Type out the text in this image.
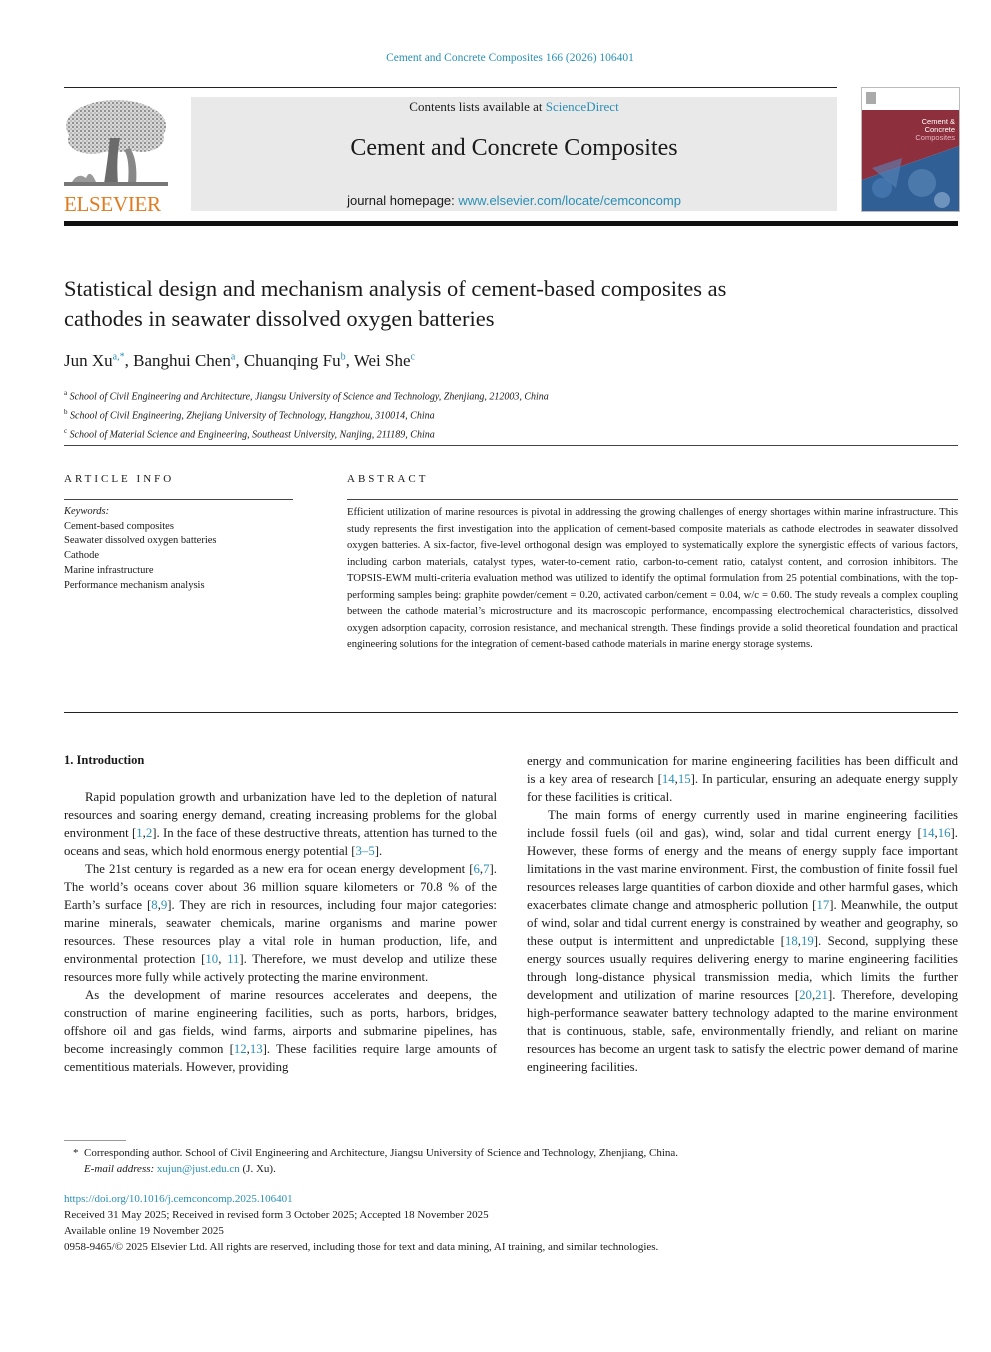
Cement and Concrete Composites 166 (2026) 106401
ELSEVIER
Contents lists available at ScienceDirect
Cement and Concrete Composites
journal homepage: www.elsevier.com/locate/cemconcomp
Cement &
Concrete
Composites
Statistical design and mechanism analysis of cement-based composites as
cathodes in seawater dissolved oxygen batteries
Jun $Xu^{a,*}$, Banghui Chen$^a$, Chuanqing Fu$^b$, Wei She$^c$
$^a$ School of Civil Engineering and Architecture, Jiangsu University of Science and Technology, Zhenjiang, 212003, China
$^b$ School of Civil Engineering, Zhejiang University of Technology, Hangzhou, 310014, China
$^c$ School of Material Science and Engineering, Southeast University, Nanjing, 211189, China
ARTICLE INFO	ABSTRACT
Keywords:
Cement-based composites
Seawater dissolved oxygen batteries
Cathode
Marine infrastructure
Performance mechanism analysis
Efficient utilization of marine resources is pivotal in addressing the growing challenges of energy shortages within marine infrastructure. This study represents the first investigation into the application of cement-based composite materials as cathode electrodes in seawater dissolved oxygen batteries. A six-factor, five-level orthogonal design was employed to systematically explore the synergistic effects of various factors, including carbon materials, catalyst types, water-to-cement ratio, carbon-to-cement ratio, catalyst content, and corrosion inhibitors. The TOPSIS-EWM multi-criteria evaluation method was utilized to identify the optimal formulation from 25 potential combinations, with the top-performing samples being: graphite powder/cement = 0.20, activated carbon/cement = 0.04, w/c = 0.60. The study reveals a complex coupling between the cathode material’s microstructure and its macroscopic performance, encompassing electrochemical characteristics, dissolved oxygen adsorption capacity, corrosion resistance, and mechanical strength. These findings provide a solid theoretical foundation and practical engineering solutions for the integration of cement-based cathode materials in marine energy storage systems.
1. Introduction

Rapid population growth and urbanization have led to the depletion of natural resources and soaring energy demand, creating increasing problems for the global environment [1,2]. In the face of these destructive threats, attention has turned to the oceans and seas, which hold enormous energy potential [3–5].

The 21st century is regarded as a new era for ocean energy development [6,7]. The world’s oceans cover about 36 million square kilometers or 70.8 % of the Earth’s surface [8,9]. They are rich in resources, including four major categories: marine minerals, seawater chemicals, marine organisms and marine power resources. These resources play a vital role in human production, life, and environmental protection [10, 11]. Therefore, we must develop and utilize these resources more fully while actively protecting the marine environment.

As the development of marine resources accelerates and deepens, the construction of marine engineering facilities, such as ports, harbors, bridges, offshore oil and gas fields, wind farms, airports and submarine pipelines, has become increasingly common [12,13]. These facilities require large amounts of cementitious materials. However, providing

energy and communication for marine engineering facilities has been difficult and is a key area of research [14,15]. In particular, ensuring an adequate energy supply for these facilities is critical.

The main forms of energy currently used in marine engineering facilities include fossil fuels (oil and gas), wind, solar and tidal current energy [14,16]. However, these forms of energy and the means of energy supply face important limitations in the vast marine environment. First, the combustion of finite fossil fuel resources releases large quantities of carbon dioxide and other harmful gases, which exacerbates climate change and atmospheric pollution [17]. Meanwhile, the output of wind, solar and tidal current energy is constrained by weather and geography, so these output is intermittent and unpredictable [18,19]. Second, supplying these energy sources usually requires delivering energy to marine engineering facilities through long-distance physical transmission media, which limits the further development and utilization of marine resources [20,21]. Therefore, developing high-performance seawater battery technology adapted to the marine environment that is continuous, stable, safe, environmentally friendly, and reliant on marine resources has become an urgent task to satisfy the electric power demand of marine engineering facilities.

* Corresponding author. School of Civil Engineering and Architecture, Jiangsu University of Science and Technology, Zhenjiang, China.
E-mail address: xujun@just.edu.cn (J. Xu).
https://doi.org/10.1016/j.cemconcomp.2025.106401
Received 31 May 2025; Received in revised form 3 October 2025; Accepted 18 November 2025
Available online 19 November 2025
0958-9465/© 2025 Elsevier Ltd. All rights are reserved, including those for text and data mining, AI training, and similar technologies.
